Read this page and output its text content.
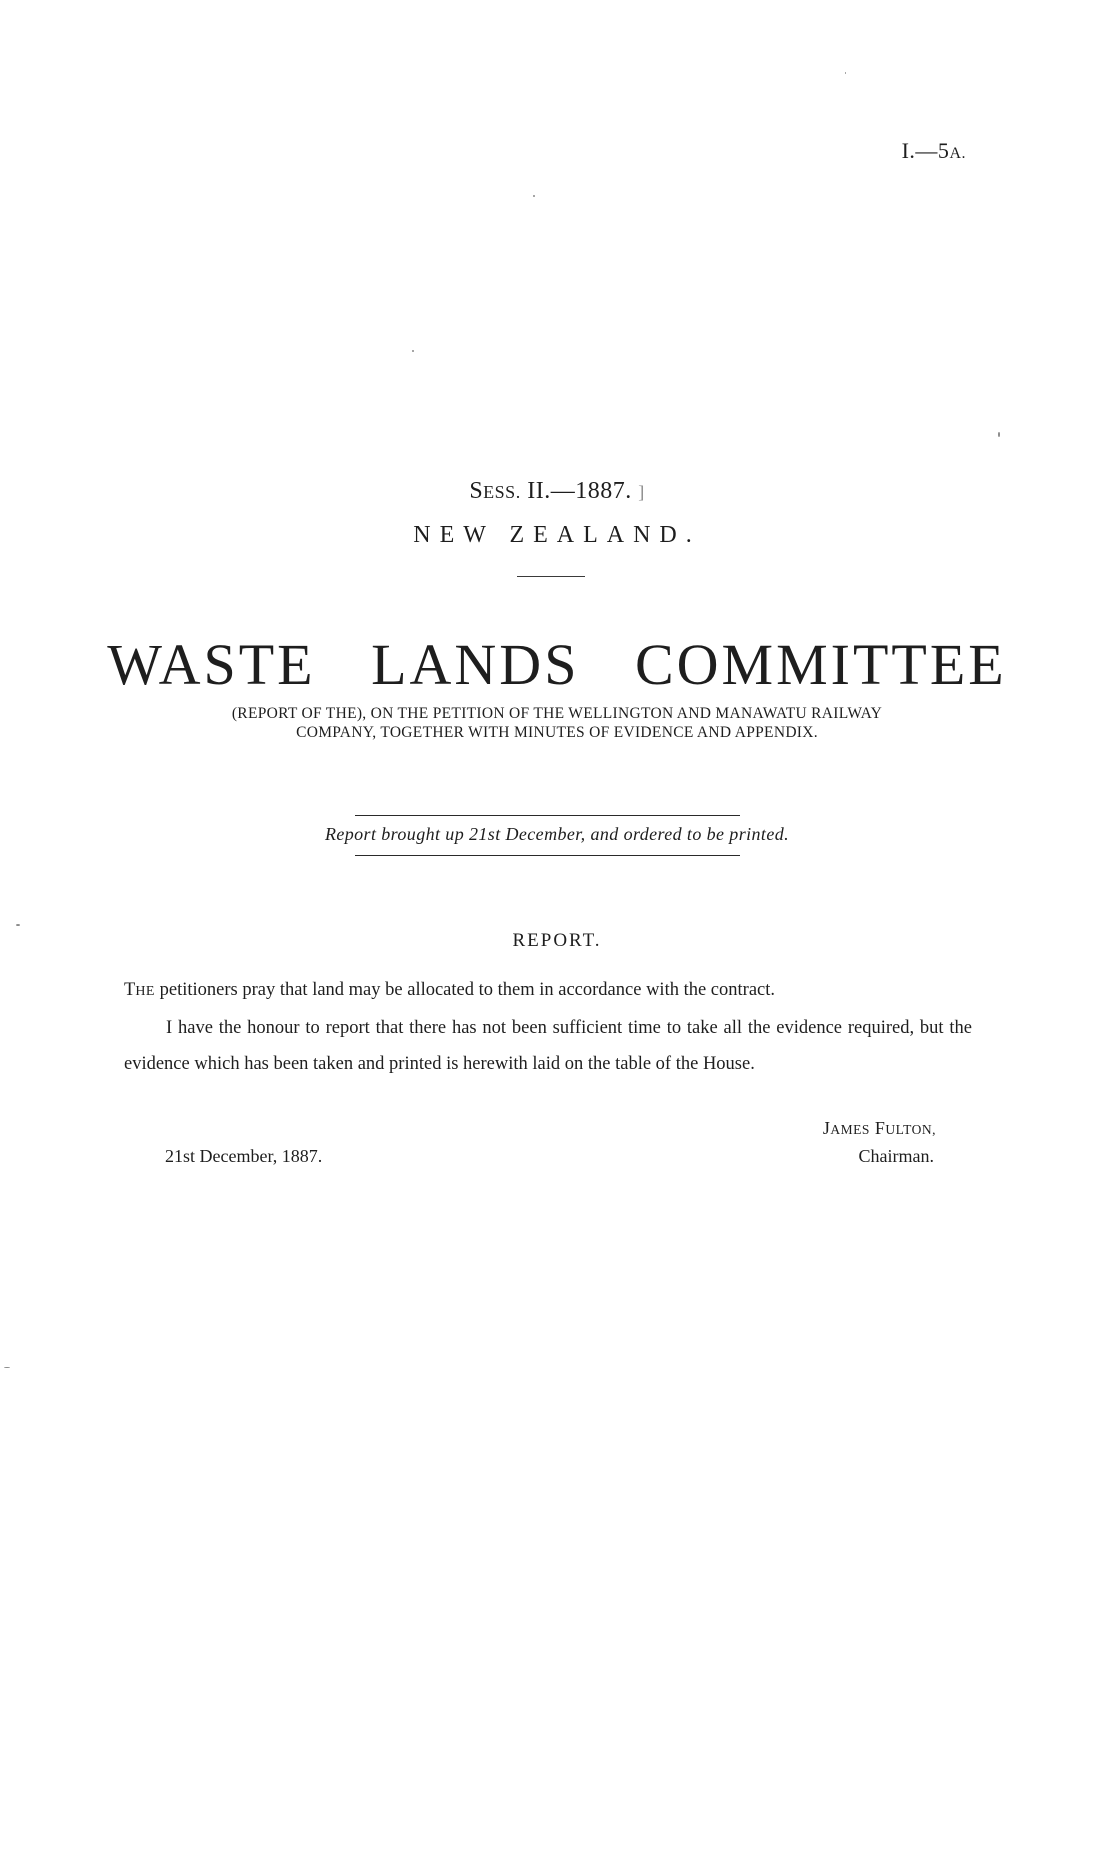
I.—5A.
SESS. II.—1887. ]
NEW ZEALAND.
WASTE LANDS COMMITTEE
(REPORT OF THE), ON THE PETITION OF THE WELLINGTON AND MANAWATU RAILWAY
COMPANY, TOGETHER WITH MINUTES OF EVIDENCE AND APPENDIX.
Report brought up 21st December, and ordered to be printed.
REPORT.

THE petitioners pray that land may be allocated to them in accordance with the contract.

I have the honour to report that there has not been sufficient time to take all the evidence required, but the evidence which has been taken and printed is herewith laid on the table of the House.

JAMES FULTON,
Chairman.
21st December, 1887.
